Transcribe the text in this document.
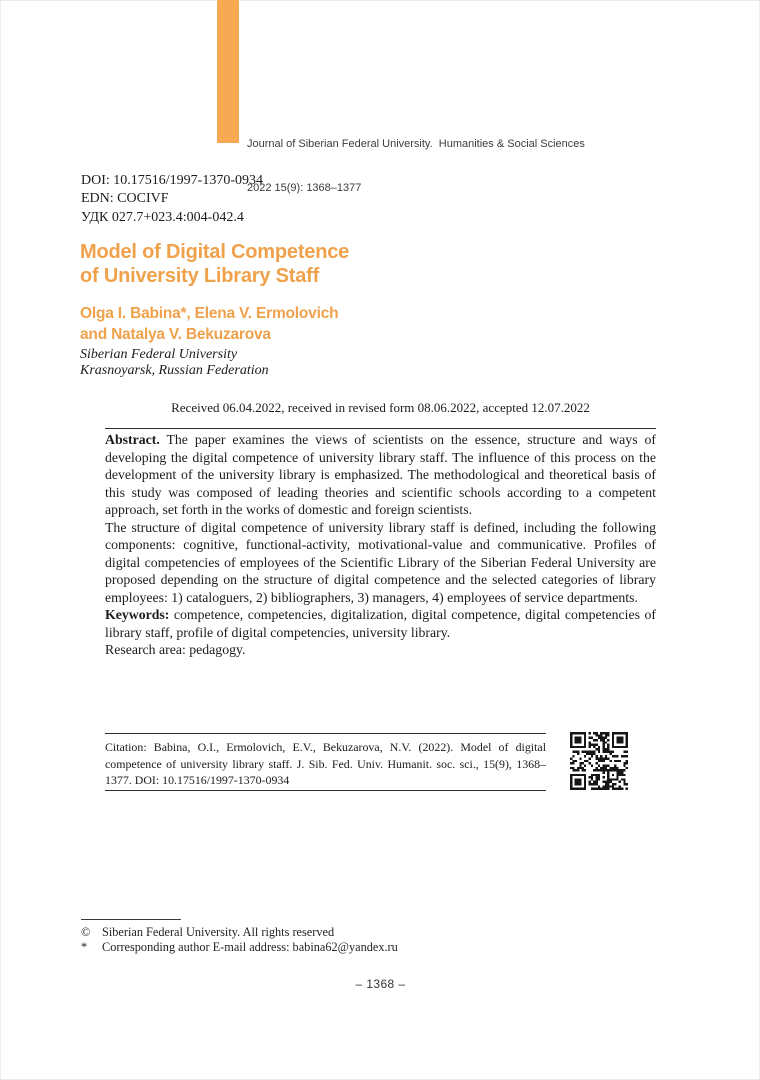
Journal of Siberian Federal University.  Humanities & Social Sciences

2022 15(9): 1368–1377

DOI: 10.17516/1997-1370-0934
EDN: COCIVF
УДК 027.7+023.4:004-042.4
Model of Digital Competence
of University Library Staff
Olga I. Babina*, Elena V. Ermolovich
and Natalya V. Bekuzarova
Siberian Federal University
Krasnoyarsk, Russian Federation
Received 06.04.2022, received in revised form 08.06.2022, accepted 12.07.2022

Abstract. The paper examines the views of scientists on the essence, structure and ways of developing the digital competence of university library staff. The influence of this process on the development of the university library is emphasized. The methodological and theoretical basis of this study was composed of leading theories and scientific schools according to a competent approach, set forth in the works of domestic and foreign scientists.

The structure of digital competence of university library staff is defined, including the following components: cognitive, functional-activity, motivational-value and communicative. Profiles of digital competencies of employees of the Scientific Library of the Siberian Federal University are proposed depending on the structure of digital competence and the selected categories of library employees: 1) cataloguers, 2) bibliographers, 3) managers, 4) employees of service departments.

Keywords: competence, competencies, digitalization, digital competence, digital competencies of library staff, profile of digital competencies, university library.

Research area: pedagogy.

Citation: Babina, O.I., Ermolovich, E.V., Bekuzarova, N.V. (2022). Model of digital competence of university library staff. J. Sib. Fed. Univ. Humanit. soc. sci., 15(9), 1368–1377. DOI: 10.17516/1997-1370-0934

© Siberian Federal University. All rights reserved
*	Corresponding author E-mail address: babina62@yandex.ru
– 1368 –
